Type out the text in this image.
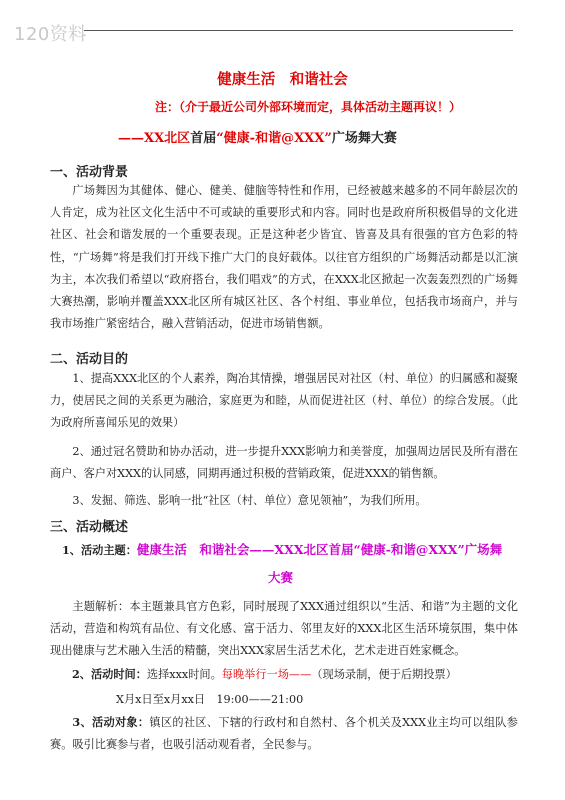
120资料
健康生活　和谐社会
注：（介于最近公司外部环境而定，具体活动主题再议！）
——XX北区首届“健康-和谐@XXX”广场舞大赛
一、活动背景
广场舞因为其健体、健心、健美、健脑等特性和作用，已经被越来越多的不同年龄层次的人肯定，成为社区文化生活中不可或缺的重要形式和内容。同时也是政府所积极倡导的文化进社区、社会和谐发展的一个重要表现。正是这种老少皆宜、皆喜及具有很强的官方色彩的特性，“广场舞”将是我们打开线下推广大门的良好载体。以往官方组织的广场舞活动都是以汇演为主，本次我们希望以“政府搭台，我们唱戏”的方式，在XXX北区掀起一次轰轰烈烈的广场舞大赛热潮，影响并覆盖XXX北区所有城区社区、各个村组、事业单位，包括我市场商户，并与我市场推广紧密结合，融入营销活动，促进市场销售额。
二、活动目的
1、提高XXX北区的个人素养，陶冶其情操，增强居民对社区（村、单位）的归属感和凝聚力，使居民之间的关系更为融洽，家庭更为和睦，从而促进社区（村、单位）的综合发展。（此为政府所喜闻乐见的效果）
2、通过冠名赞助和协办活动，进一步提升XXX影响力和美誉度，加强周边居民及所有潜在商户、客户对XXX的认同感，同期再通过积极的营销政策，促进XXX的销售额。
3、发掘、筛选、影响一批“社区（村、单位）意见领袖”，为我们所用。
三、活动概述
1、活动主题：健康生活　和谐社会——XXX北区首届“健康-和谐@XXX”广场舞
大赛
主题解析：本主题兼具官方色彩，同时展现了XXX通过组织以“生活、和谐”为主题的文化活动，营造和构筑有品位、有文化感、富于活力、邻里友好的XXX北区生活环境氛围，集中体现出健康与艺术融入生活的精髓，突出XXX家居生活艺术化，艺术走进百姓家概念。
2、活动时间：选择xxx时间。每晚举行一场——（现场录制，便于后期投票）
X月x日至x月xx日　19:00——21:00
3、活动对象：镇区的社区、下辖的行政村和自然村、各个机关及XXX业主均可以组队参赛。吸引比赛参与者，也吸引活动观看者，全民参与。
